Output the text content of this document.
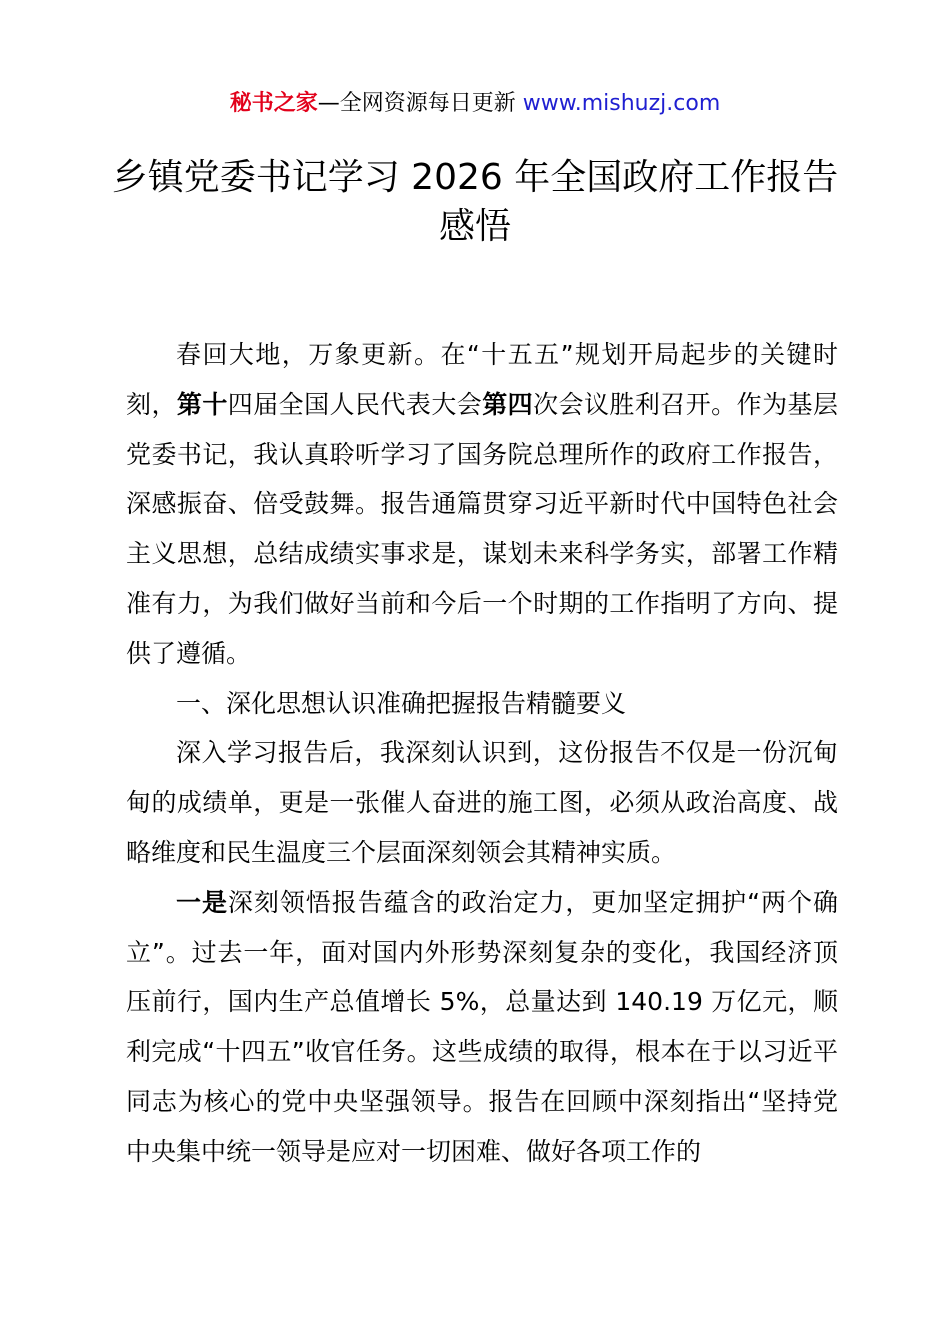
秘书之家—全网资源每日更新 www.mishuzj.com
乡镇党委书记学习 2026 年全国政府工作报告
感悟

春回大地，万象更新。在“十五五”规划开局起步的关键时刻，第十四届全国人民代表大会第四次会议胜利召开。作为基层党委书记，我认真聆听学习了国务院总理所作的政府工作报告，深感振奋、倍受鼓舞。报告通篇贯穿习近平新时代中国特色社会主义思想，总结成绩实事求是，谋划未来科学务实，部署工作精准有力，为我们做好当前和今后一个时期的工作指明了方向、提供了遵循。

一、深化思想认识准确把握报告精髓要义

深入学习报告后，我深刻认识到，这份报告不仅是一份沉甸甸的成绩单，更是一张催人奋进的施工图，必须从政治高度、战略维度和民生温度三个层面深刻领会其精神实质。

一是深刻领悟报告蕴含的政治定力，更加坚定拥护“两个确立”。过去一年，面对国内外形势深刻复杂的变化，我国经济顶压前行，国内生产总值增长 5%，总量达到 140.19 万亿元，顺利完成“十四五”收官任务。这些成绩的取得，根本在于以习近平同志为核心的党中央坚强领导。报告在回顾中深刻指出“坚持党中央集中统一领导是应对一切困难、做好各项工作的
